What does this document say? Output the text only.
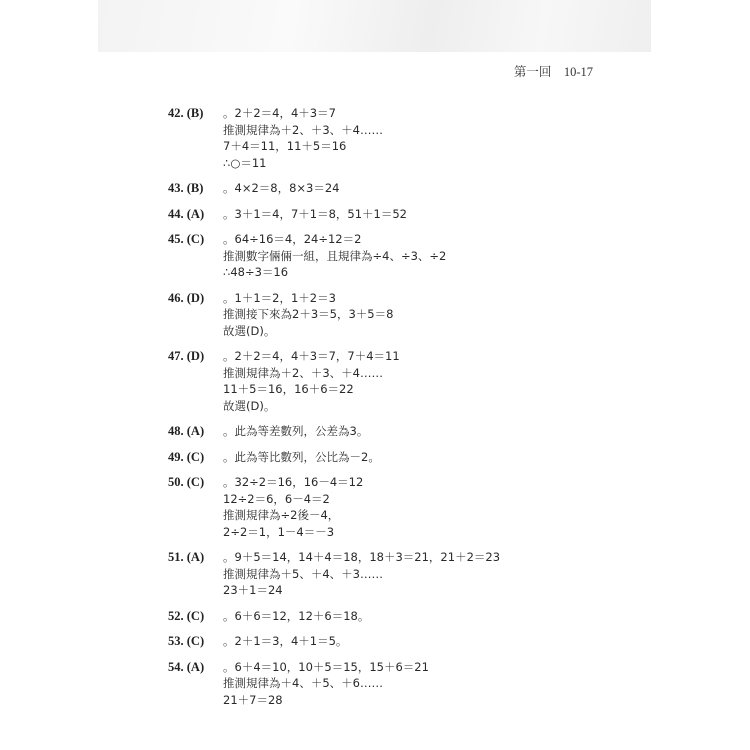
第一回　10-17
42. (B)	。2＋2＝4，4＋3＝7
推測規律為＋2、＋3、＋4……
7＋4＝11，11＋5＝16
∴○＝11
43. (B)	。4×2＝8，8×3＝24
44. (A)	。3＋1＝4，7＋1＝8，51＋1＝52
45. (C)	。64÷16＝4，24÷12＝2
推測數字倆倆一組，且規律為÷4、÷3、÷2
∴48÷3＝16
46. (D)	。1＋1＝2，1＋2＝3
推測接下來為2＋3＝5，3＋5＝8
故選(D)。
47. (D)	。2＋2＝4，4＋3＝7，7＋4＝11
推測規律為＋2、＋3、＋4……
11＋5＝16，16＋6＝22
故選(D)。
48. (A)	。此為等差數列，公差為3。
49. (C)	。此為等比數列，公比為－2。
50. (C)	。32÷2＝16，16－4＝12
12÷2＝6，6－4＝2
推測規律為÷2後－4，
2÷2＝1，1－4＝－3
51. (A)	。9＋5＝14，14＋4＝18，18＋3＝21，21＋2＝23
推測規律為＋5、＋4、＋3……
23＋1＝24
52. (C)	。6＋6＝12，12＋6＝18。
53. (C)	。2＋1＝3，4＋1＝5。
54. (A)	。6＋4＝10，10＋5＝15，15＋6＝21
推測規律為＋4、＋5、＋6……
21＋7＝28
